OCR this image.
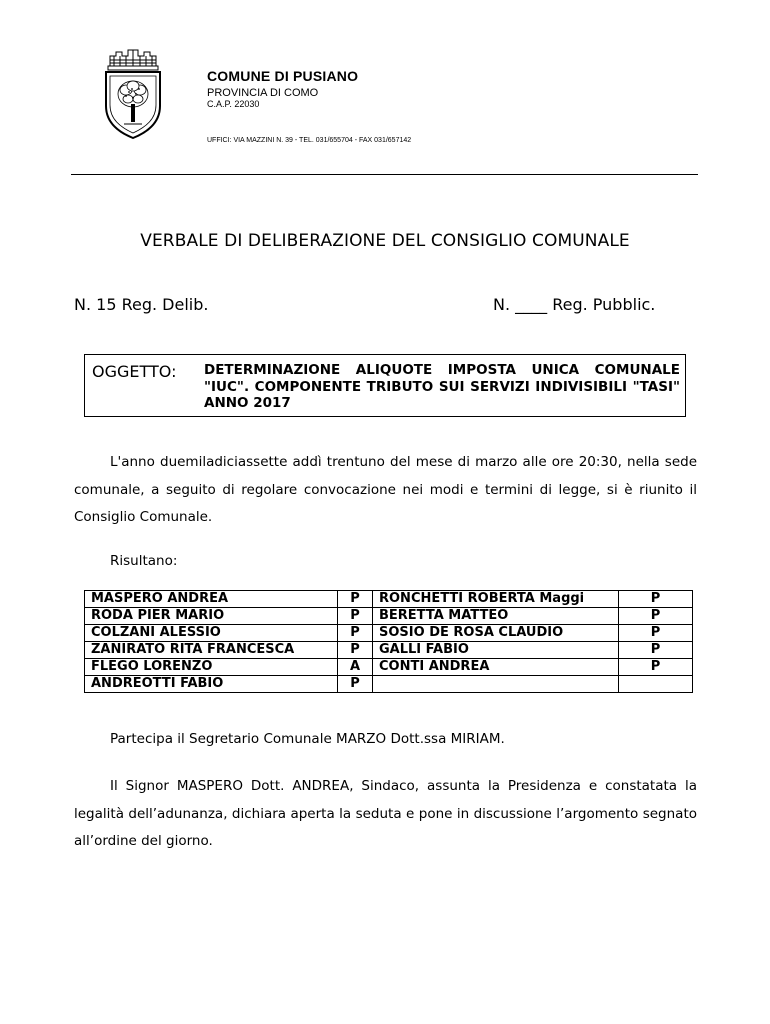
COMUNE DI PUSIANO
PROVINCIA DI COMO
C.A.P. 22030
UFFICI: VIA MAZZINI N. 39 - TEL. 031/655704 - FAX 031/657142
VERBALE DI DELIBERAZIONE DEL CONSIGLIO COMUNALE
N. 15 Reg. Delib.	N. ____ Reg. Pubblic.
OGGETTO: DETERMINAZIONE ALIQUOTE IMPOSTA UNICA COMUNALE "IUC". COMPONENTE TRIBUTO SUI SERVIZI INDIVISIBILI "TASI" ANNO 2017
L'anno duemiladiciassette addì trentuno del mese di marzo alle ore 20:30, nella sede comunale, a seguito di regolare convocazione nei modi e termini di legge, si è riunito il Consiglio Comunale.
Risultano:
MASPERO ANDREA	P	RONCHETTI ROBERTA Maggi	P
RODA PIER MARIO	P	BERETTA MATTEO	P
COLZANI ALESSIO	P	SOSIO DE ROSA CLAUDIO	P
ZANIRATO RITA FRANCESCA	P	GALLI FABIO	P
FLEGO LORENZO	A	CONTI ANDREA	P
ANDREOTTI FABIO	P		
Partecipa il Segretario Comunale MARZO Dott.ssa MIRIAM.
Il Signor MASPERO Dott. ANDREA, Sindaco, assunta la Presidenza e constatata la legalità dell’adunanza, dichiara aperta la seduta e pone in discussione l’argomento segnato all’ordine del giorno.
